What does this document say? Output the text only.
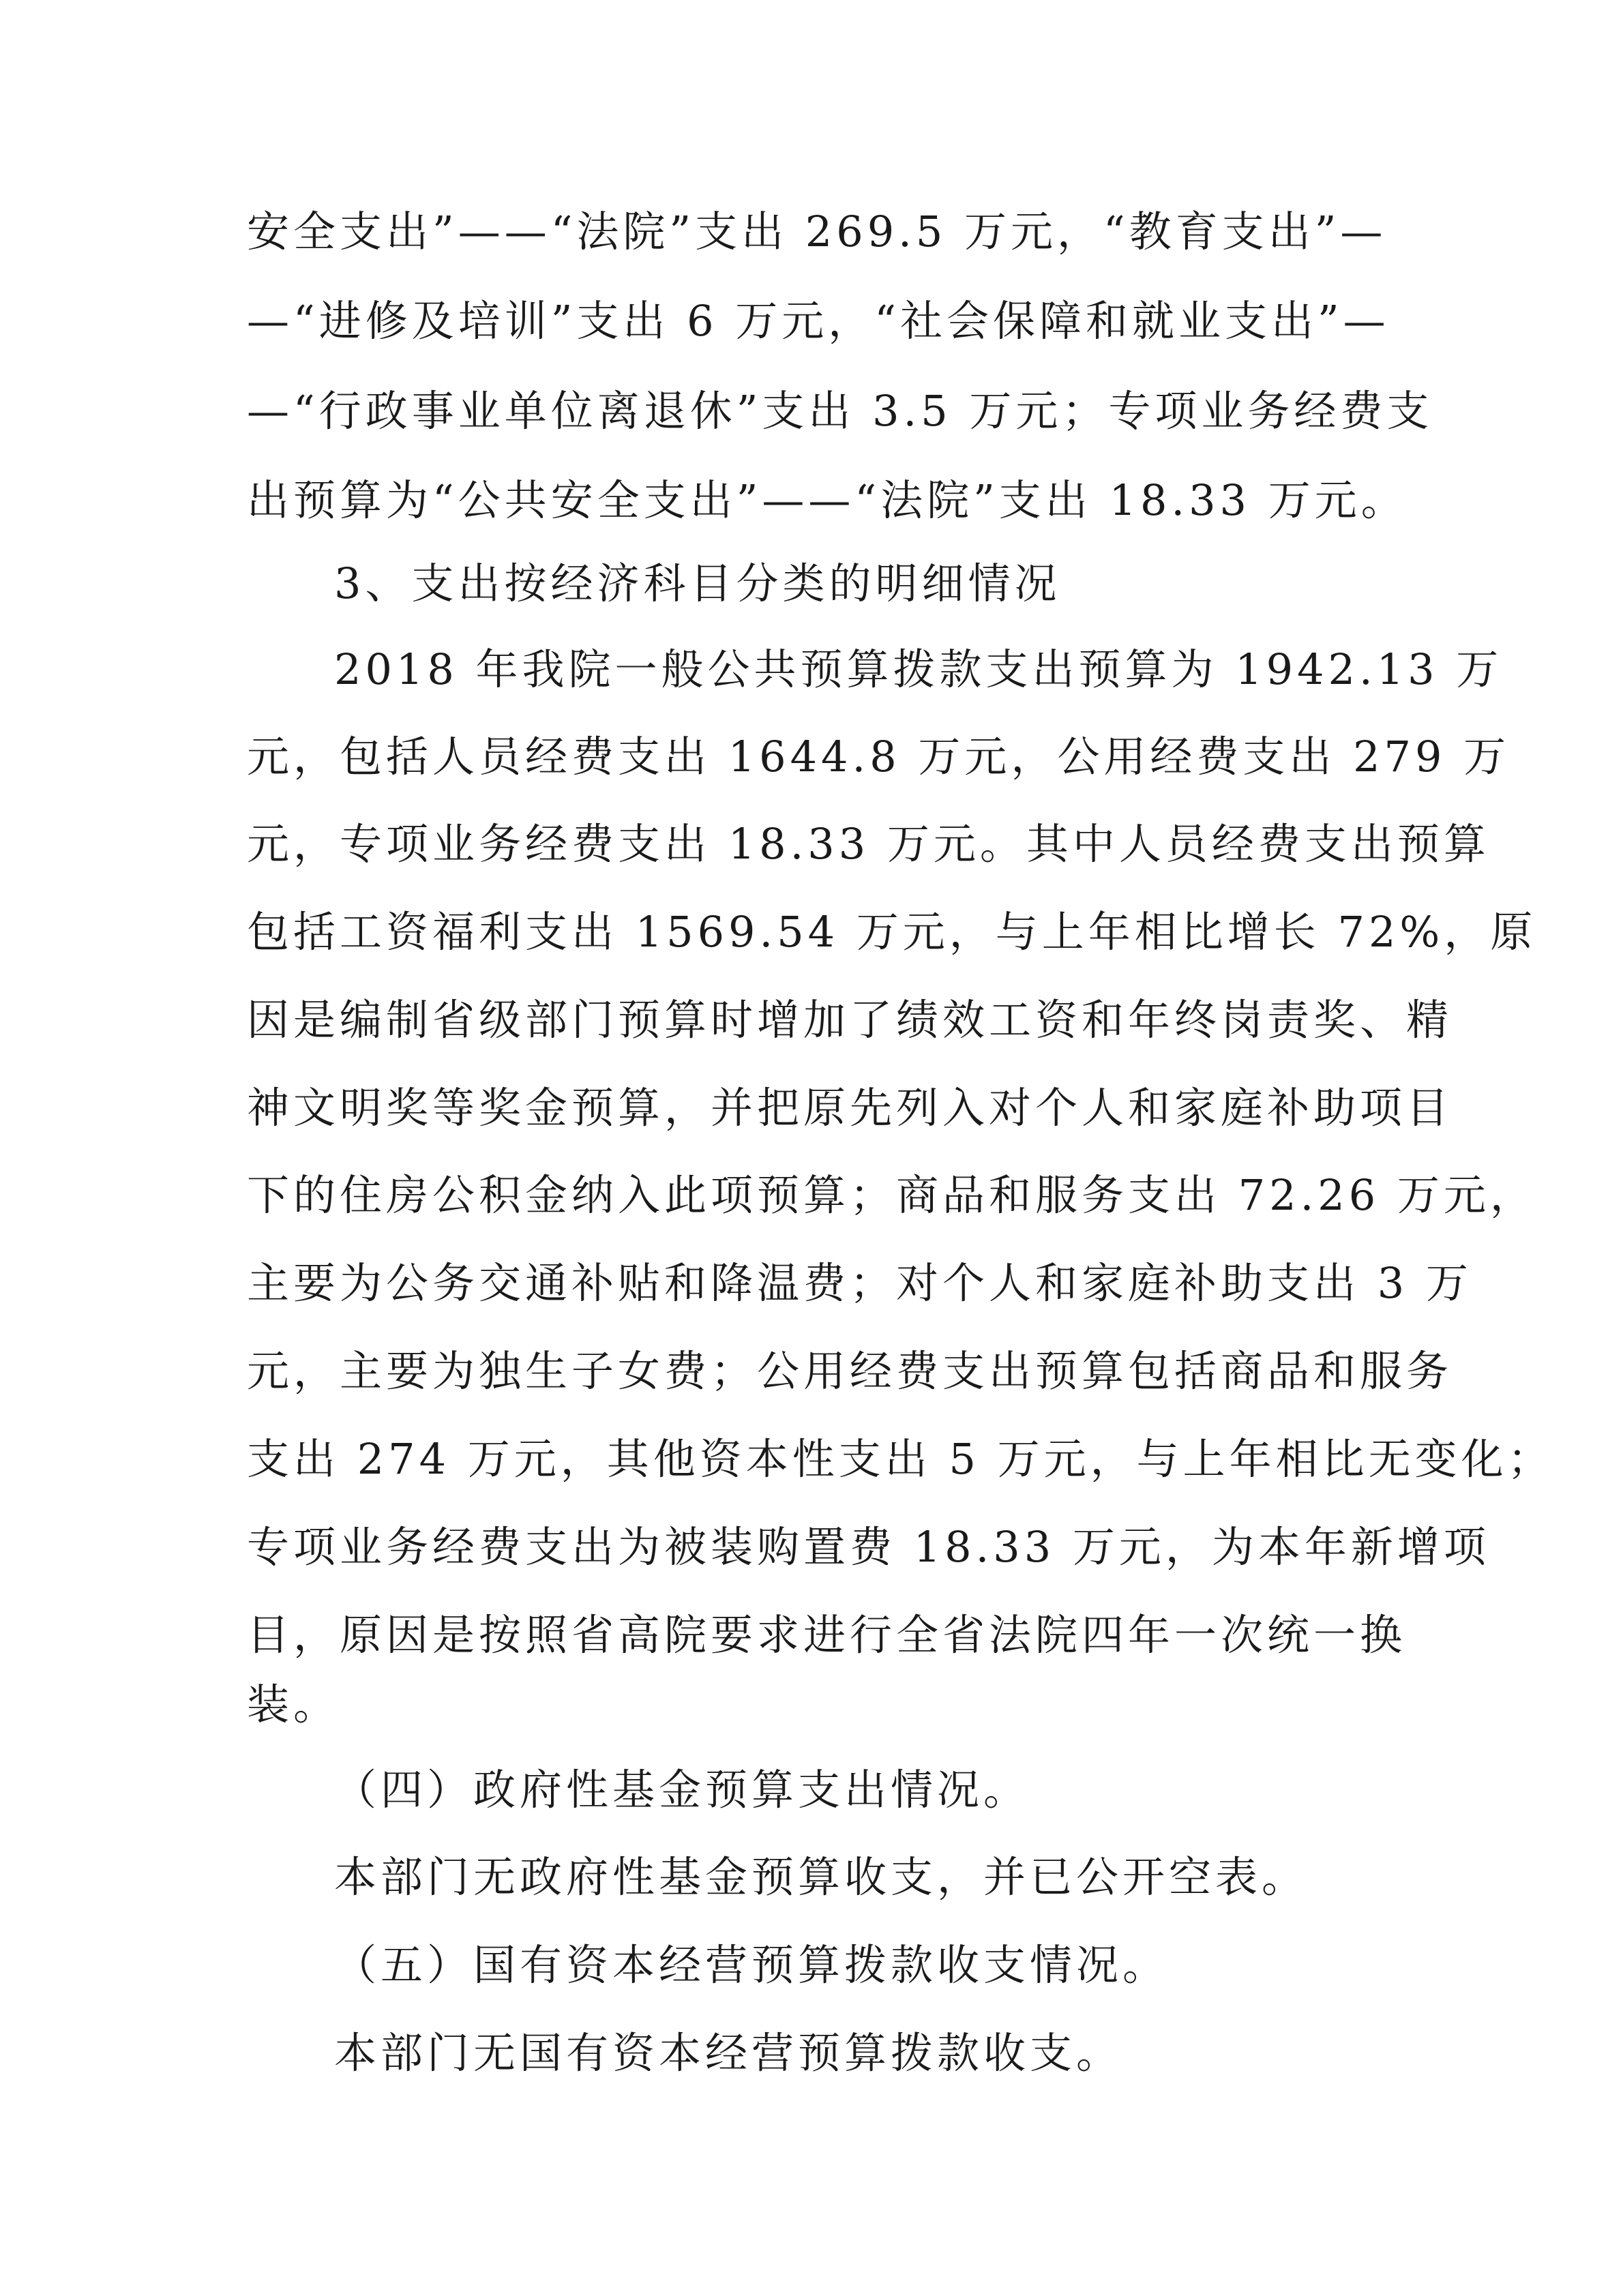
安全支出”——“法院”支出 269.5 万元，“教育支出”—
—“进修及培训”支出 6 万元，“社会保障和就业支出”—
—“行政事业单位离退休”支出 3.5 万元；专项业务经费支
出预算为“公共安全支出”——“法院”支出 18.33 万元。
3、支出按经济科目分类的明细情况
2018 年我院一般公共预算拨款支出预算为 1942.13 万
元，包括人员经费支出 1644.8 万元，公用经费支出 279 万
元，专项业务经费支出 18.33 万元。其中人员经费支出预算
包括工资福利支出 1569.54 万元，与上年相比增长 72%，原
因是编制省级部门预算时增加了绩效工资和年终岗责奖、精
神文明奖等奖金预算，并把原先列入对个人和家庭补助项目
下的住房公积金纳入此项预算；商品和服务支出 72.26 万元，
主要为公务交通补贴和降温费；对个人和家庭补助支出 3 万
元，主要为独生子女费；公用经费支出预算包括商品和服务
支出 274 万元，其他资本性支出 5 万元，与上年相比无变化；
专项业务经费支出为被装购置费 18.33 万元，为本年新增项
目，原因是按照省高院要求进行全省法院四年一次统一换
装。
（四）政府性基金预算支出情况。
本部门无政府性基金预算收支，并已公开空表。
（五）国有资本经营预算拨款收支情况。
本部门无国有资本经营预算拨款收支。
